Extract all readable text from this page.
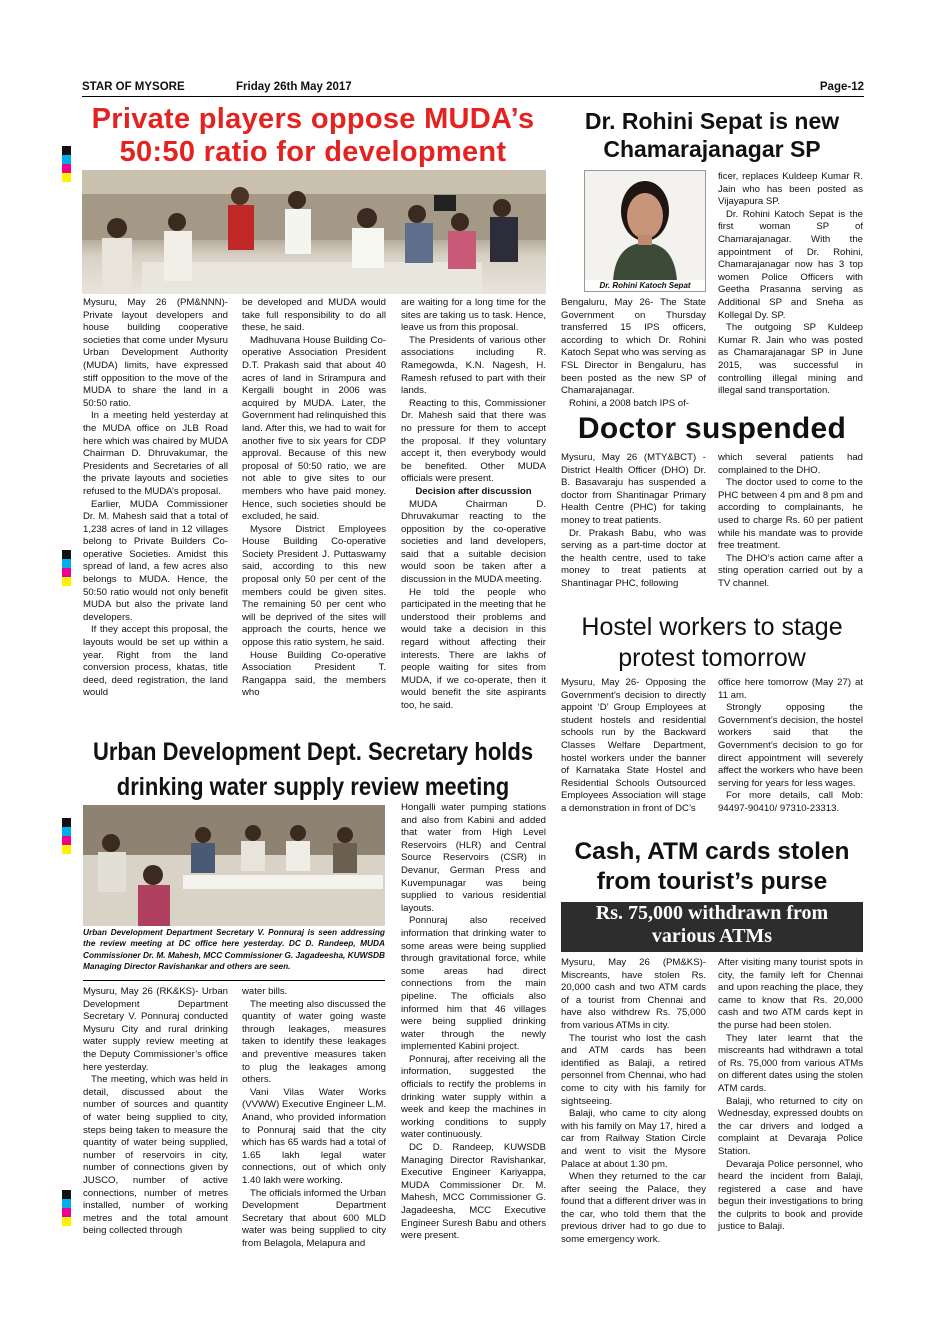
STAR OF MYSORE	Friday 26th May 2017	Page-12
Private players oppose MUDA’s
50:50 ratio for development

Mysuru, May 26 (PM&NNN)- Private layout developers and house building cooperative societies that come under Mysuru Urban Development Authority (MUDA) limits, have expressed stiff opposition to the move of the MUDA to share the land in a 50:50 ratio.

In a meeting held yesterday at the MUDA office on JLB Road here which was chaired by MUDA Chairman D. Dhruvakumar, the Presidents and Secretaries of all the private layouts and societies refused to the MUDA’s proposal.

Earlier, MUDA Commissioner Dr. M. Mahesh said that a total of 1,238 acres of land in 12 villages belong to Private Builders Co-operative Societies. Amidst this spread of land, a few acres also belongs to MUDA. Hence, the 50:50 ratio would not only benefit MUDA but also the private land developers.

If they accept this proposal, the layouts would be set up within a year. Right from the land conversion process, khatas, title deed, deed registration, the land would

be developed and MUDA would take full responsibility to do all these, he said.

Madhuvana House Building Co-operative Association President D.T. Prakash said that about 40 acres of land in Srirampura and Kergalli bought in 2006 was acquired by MUDA. Later, the Government had relinquished this land. After this, we had to wait for another five to six years for CDP approval. Because of this new proposal of 50:50 ratio, we are not able to give sites to our members who have paid money. Hence, such societies should be excluded, he said.

Mysore District Employees House Building Co-operative Society President J. Puttaswamy said, according to this new proposal only 50 per cent of the members could be given sites. The remaining 50 per cent who will be deprived of the sites will approach the courts, hence we oppose this ratio system, he said.

House Building Co-operative Association President T. Rangappa said, the members who

are waiting for a long time for the sites are taking us to task. Hence, leave us from this proposal.

The Presidents of various other associations including R. Ramegowda, K.N. Nagesh, H. Ramesh refused to part with their lands.

Reacting to this, Commissioner Dr. Mahesh said that there was no pressure for them to accept the proposal. If they voluntary accept it, then everybody would be benefited. Other MUDA officials were present.

Decision after discussion

MUDA Chairman D. Dhruvakumar reacting to the opposition by the co-operative societies and land developers, said that a suitable decision would soon be taken after a discussion in the MUDA meeting.

He told the people who participated in the meeting that he understood their problems and would take a decision in this regard without affecting their interests. There are lakhs of people waiting for sites from MUDA, if we co-operate, then it would benefit the site aspirants too, he said.

Dr. Rohini Sepat is new
Chamarajanagar SP
Dr. Rohini Katoch Sepat

Bengaluru, May 26- The State Government on Thursday transferred 15 IPS officers, according to which Dr. Rohini Katoch Sepat who was serving as FSL Director in Bengaluru, has been posted as the new SP of Chamarajanagar.

Rohini, a 2008 batch IPS of-

ficer, replaces Kuldeep Kumar R. Jain who has been posted as Vijayapura SP.

Dr. Rohini Katoch Sepat is the first woman SP of Chamarajanagar. With the appointment of Dr. Rohini, Chamarajanagar now has 3 top women Police Officers with Geetha Prasanna serving as Additional SP and Sneha as Kollegal Dy. SP.

The outgoing SP Kuldeep Kumar R. Jain who was posted as Chamarajanagar SP in June 2015, was successful in controlling illegal mining and illegal sand transportation.

Doctor suspended

Mysuru, May 26 (MTY&BCT) - District Health Officer (DHO) Dr. B. Basavaraju has suspended a doctor from Shantinagar Primary Health Centre (PHC) for taking money to treat patients.

Dr. Prakash Babu, who was serving as a part-time doctor at the health centre, used to take money to treat patients at Shantinagar PHC, following

which several patients had complained to the DHO.

The doctor used to come to the PHC between 4 pm and 8 pm and according to complainants, he used to charge Rs. 60 per patient while his mandate was to provide free treatment.

The DHO’s action came after a sting operation carried out by a TV channel.

Hostel workers to stage
protest tomorrow

Mysuru, May 26- Opposing the Government’s decision to directly appoint ‘D’ Group Employees at student hostels and residential schools run by the Backward Classes Welfare Department, hostel workers under the banner of Karnataka State Hostel and Residential Schools Outsourced Employees Association will stage a demonstration in front of DC’s

office here tomorrow (May 27) at 11 am.

Strongly opposing the Government’s decision, the hostel workers said that the Government’s decision to go for direct appointment will severely affect the workers who have been serving for years for less wages.

For more details, call Mob: 94497-90410/ 97310-23313.

Urban Development Dept. Secretary holds
drinking water supply review meeting
Urban Development Department Secretary V. Ponnuraj is seen addressing the review meeting at DC office here yesterday. DC D. Randeep, MUDA Commissioner Dr. M. Mahesh, MCC Commissioner G. Jagadeesha, KUWSDB Managing Director Ravishankar and others are seen.

Mysuru, May 26 (RK&KS)- Urban Development Department Secretary V. Ponnuraj conducted Mysuru City and rural drinking water supply review meeting at the Deputy Commissioner’s office here yesterday.

The meeting, which was held in detail, discussed about the number of sources and quantity of water being supplied to city, steps being taken to measure the quantity of water being supplied, number of reservoirs in city, number of connections given by JUSCO, number of active connections, number of metres installed, number of working metres and the total amount being collected through

water bills.

The meeting also discussed the quantity of water going waste through leakages, measures taken to identify these leakages and preventive measures taken to plug the leakages among others.

Vani Vilas Water Works (VVWW) Executive Engineer L.M. Anand, who provided information to Ponnuraj said that the city which has 65 wards had a total of 1.65 lakh legal water connections, out of which only 1.40 lakh were working.

The officials informed the Urban Development Department Secretary that about 600 MLD water was being supplied to city from Belagola, Melapura and

Hongalli water pumping stations and also from Kabini and added that water from High Level Reservoirs (HLR) and Central Source Reservoirs (CSR) in Devanur, German Press and Kuvempunagar was being supplied to various residential layouts.

Ponnuraj also received information that drinking water to some areas were being supplied through gravitational force, while some areas had direct connections from the main pipeline. The officials also informed him that 46 villages were being supplied drinking water through the newly implemented Kabini project.

Ponnuraj, after receiving all the information, suggested the officials to rectify the problems in drinking water supply within a week and keep the machines in working conditions to supply water continuously.

DC D. Randeep, KUWSDB Managing Director Ravishankar, Executive Engineer Kariyappa, MUDA Commissioner Dr. M. Mahesh, MCC Commissioner G. Jagadeesha, MCC Executive Engineer Suresh Babu and others were present.

Cash, ATM cards stolen
from tourist’s purse
Rs. 75,000 withdrawn from
various ATMs

Mysuru, May 26 (PM&KS)- Miscreants, have stolen Rs. 20,000 cash and two ATM cards of a tourist from Chennai and have also withdrew Rs. 75,000 from various ATMs in city.

The tourist who lost the cash and ATM cards has been identified as Balaji, a retired personnel from Chennai, who had come to city with his family for sightseeing.

Balaji, who came to city along with his family on May 17, hired a car from Railway Station Circle and went to visit the Mysore Palace at about 1.30 pm.

When they returned to the car after seeing the Palace, they found that a different driver was in the car, who told them that the previous driver had to go due to some emergency work.

After visiting many tourist spots in city, the family left for Chennai and upon reaching the place, they came to know that Rs. 20,000 cash and two ATM cards kept in the purse had been stolen.

They later learnt that the miscreants had withdrawn a total of Rs. 75,000 from various ATMs on different dates using the stolen ATM cards.

Balaji, who returned to city on Wednesday, expressed doubts on the car drivers and lodged a complaint at Devaraja Police Station.

Devaraja Police personnel, who heard the incident from Balaji, registered a case and have begun their investigations to bring the culprits to book and provide justice to Balaji.
